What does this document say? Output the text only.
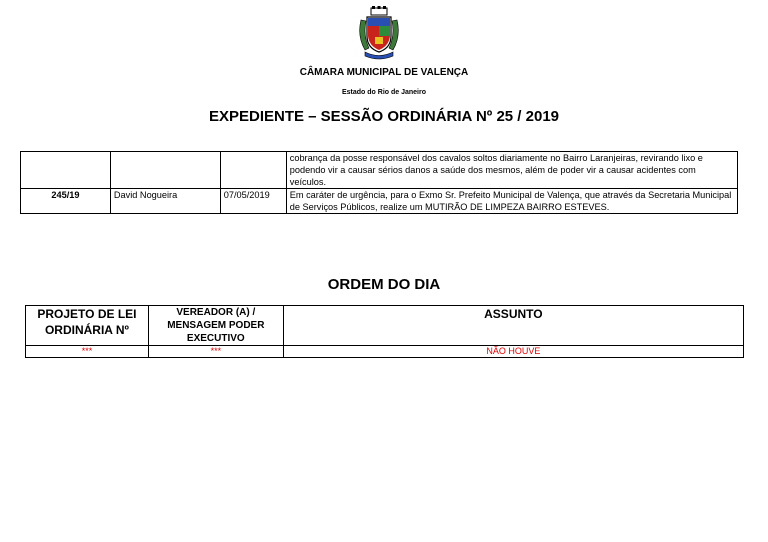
CÂMARA MUNICIPAL DE VALENÇA
Estado do Rio de Janeiro
EXPEDIENTE – SESSÃO ORDINÁRIA Nº 25 / 2019
			cobrança da posse responsável dos cavalos soltos diariamente no Bairro Laranjeiras, revirando lixo e podendo vir a causar sérios danos a saúde dos mesmos, além de poder vir a causar acidentes com veículos.
245/19	David Nogueira	07/05/2019	Em caráter de urgência, para o Exmo Sr. Prefeito Municipal de Valença, que através da Secretaria Municipal de Serviços Públicos, realize um MUTIRÃO DE LIMPEZA BAIRRO ESTEVES.
ORDEM DO DIA
PROJETO DE LEI ORDINÁRIA Nº	VEREADOR (A) / MENSAGEM PODER EXECUTIVO	ASSUNTO
***	***	NÃO HOUVE
